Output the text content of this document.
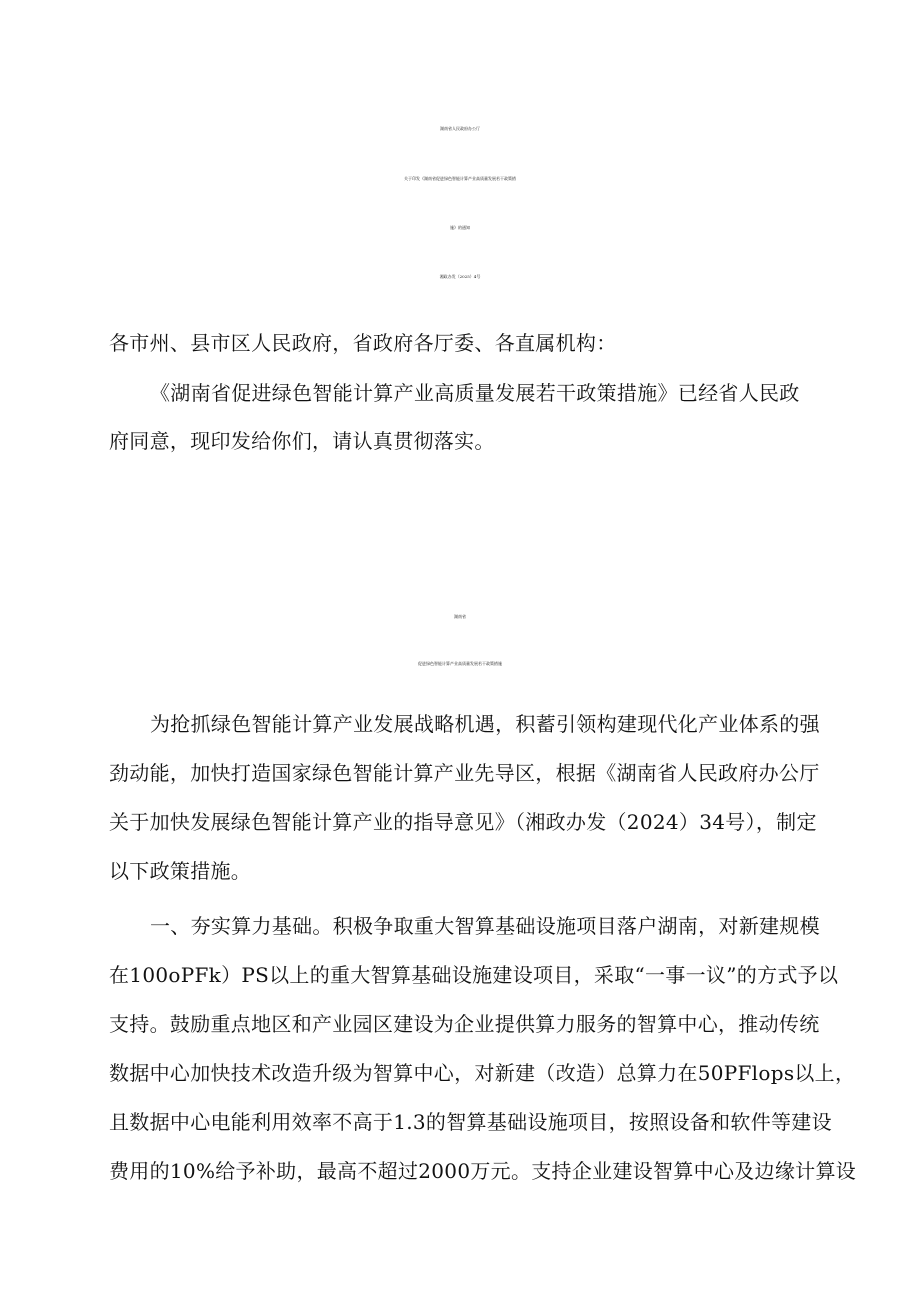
湖南省人民政府办公厅

关于印发《湖南省促进绿色智能计算产业高质量发展若干政策措

施》的通知

湘政办发（2025）4号

各市州、县市区人民政府，省政府各厅委、各直属机构：

《湖南省促进绿色智能计算产业高质量发展若干政策措施》已经省人民政

府同意，现印发给你们，请认真贯彻落实。

湖南省

促进绿色智能计算产业高质量发展若干政策措施

为抢抓绿色智能计算产业发展战略机遇，积蓄引领构建现代化产业体系的强

劲动能，加快打造国家绿色智能计算产业先导区，根据《湖南省人民政府办公厅

关于加快发展绿色智能计算产业的指导意见》（湘政办发（2024）34号），制定

以下政策措施。

一、夯实算力基础。积极争取重大智算基础设施项目落户湖南，对新建规模

在100oPFk）PS以上的重大智算基础设施建设项目，采取“一事一议”的方式予以

支持。鼓励重点地区和产业园区建设为企业提供算力服务的智算中心，推动传统

数据中心加快技术改造升级为智算中心，对新建（改造）总算力在50PFlops以上，

且数据中心电能利用效率不高于1.3的智算基础设施项目，按照设备和软件等建设

费用的10%给予补助，最高不超过2000万元。支持企业建设智算中心及边缘计算设
